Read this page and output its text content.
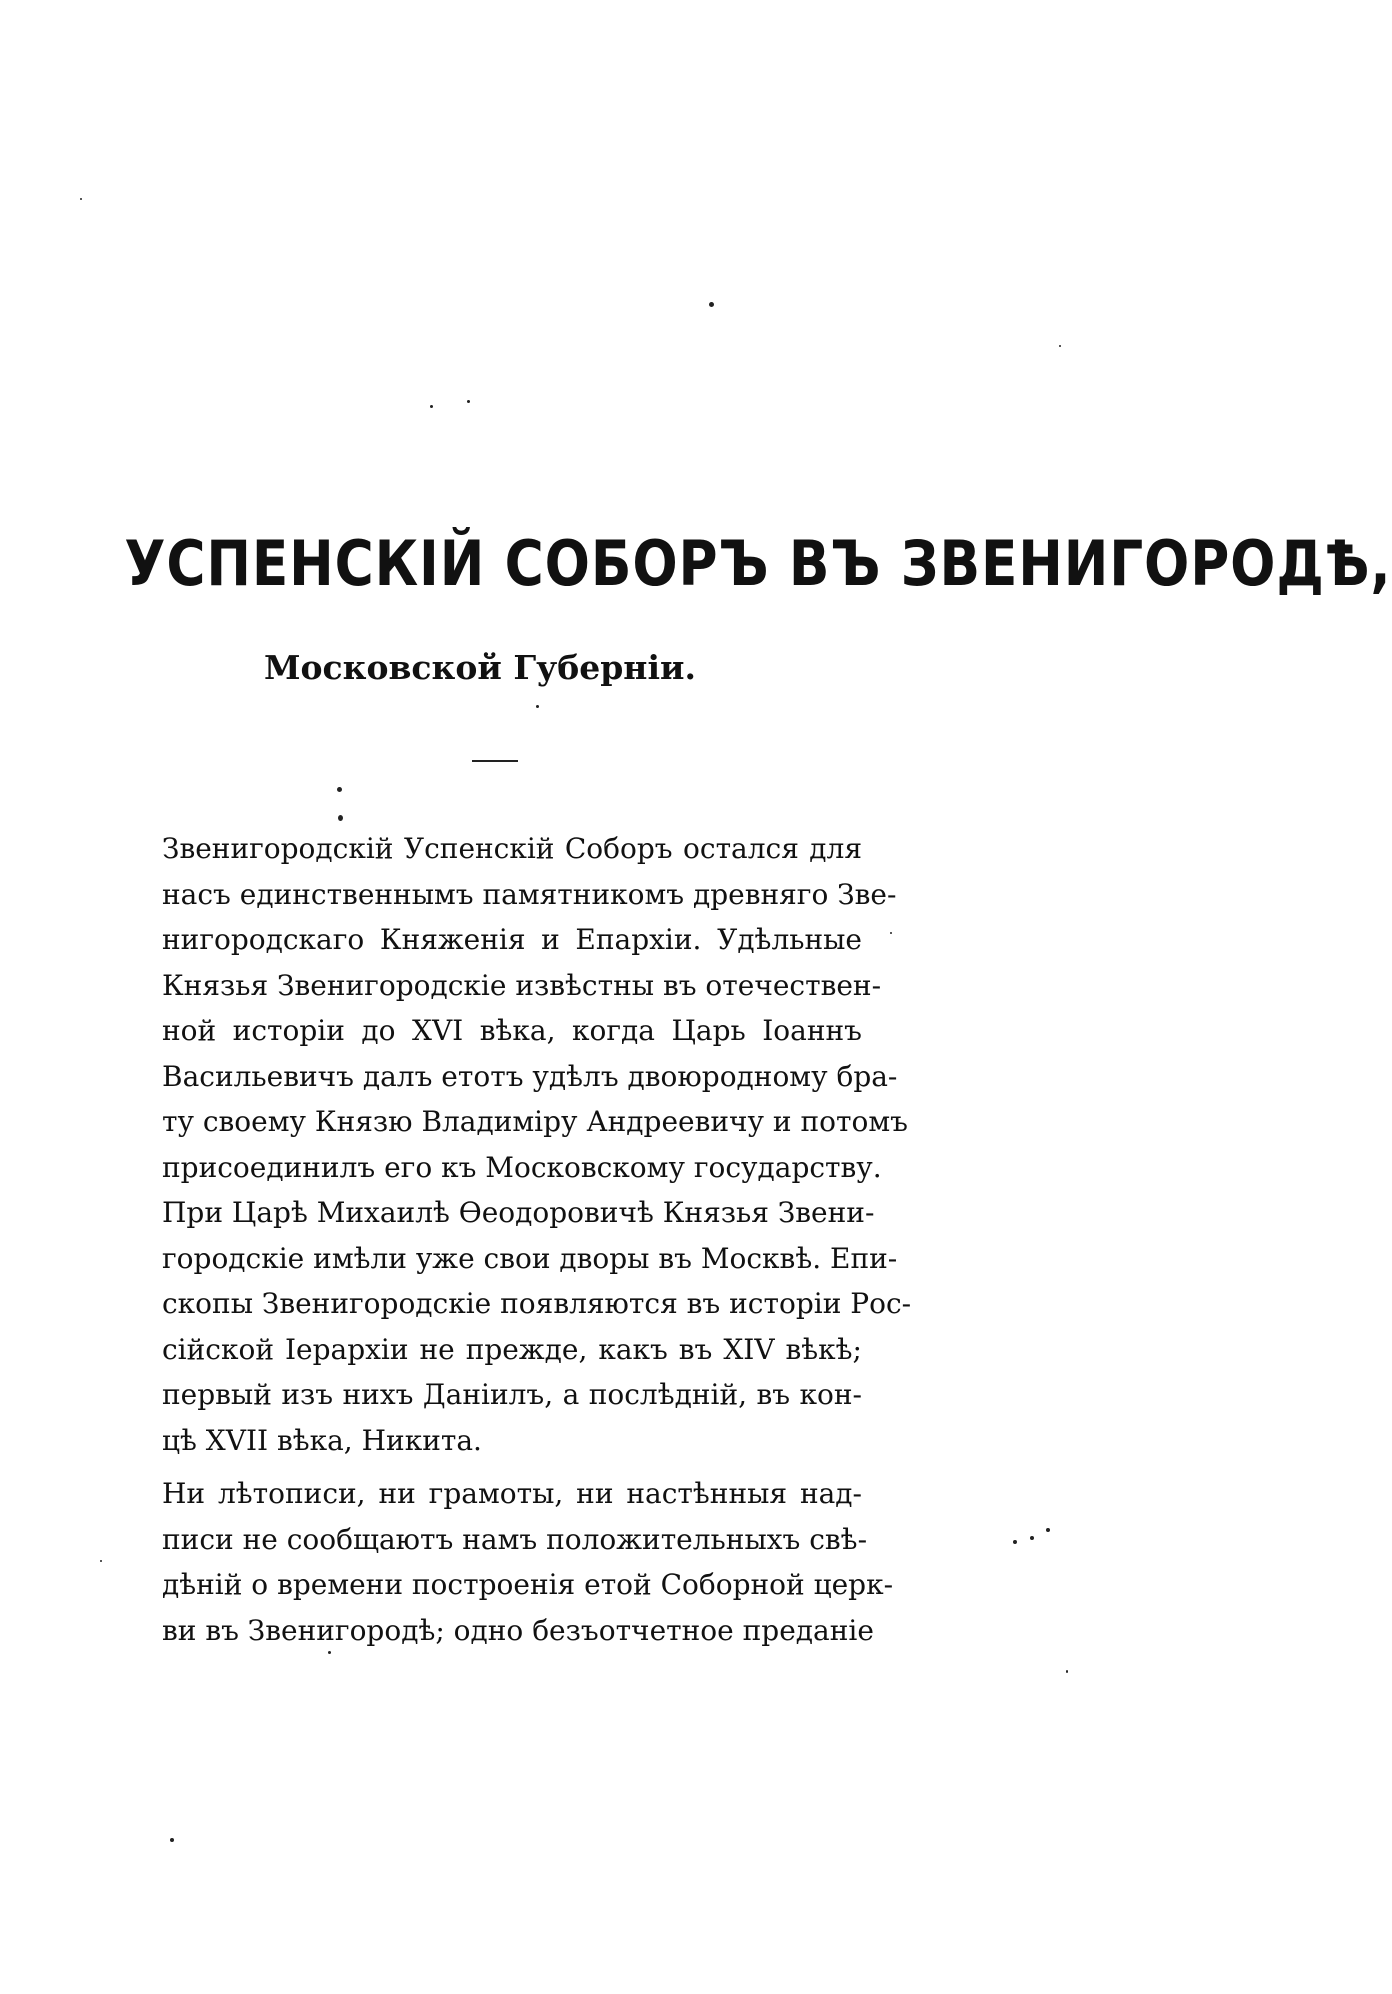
УСПЕНСКІЙ СОБОРЪ ВЪ ЗВЕНИГОРОДѢ,
Московской Губерніи.

Звенигородскій Успенскій Соборъ остался для
насъ единственнымъ памятникомъ древняго Зве-
нигородскаго Княженія и Епархіи. Удѣльные
Князья Звенигородскіе извѣстны въ отечествен-
ной исторіи до XVI вѣка, когда Царь Іоаннъ
Васильевичъ далъ етотъ удѣлъ двоюродному бра-
ту своему Князю Владиміру Андреевичу и потомъ
присоединилъ его къ Московскому государству.
При Царѣ Михаилѣ Ѳеодоровичѣ Князья Звени-
городскіе имѣли уже свои дворы въ Москвѣ. Епи-
скопы Звенигородскіе появляются въ исторіи Рос-
сійской Іерархіи не прежде, какъ въ XIV вѣкѣ;
первый изъ нихъ Даніилъ, а послѣдній, въ кон-
цѣ XVII вѣка, Никита.

Ни лѣтописи, ни грамоты, ни настѣнныя над-
писи не сообщаютъ намъ положительныхъ свѣ-
дѣній о времени построенія етой Соборной церк-
ви въ Звенигородѣ; одно безъотчетное преданіе
